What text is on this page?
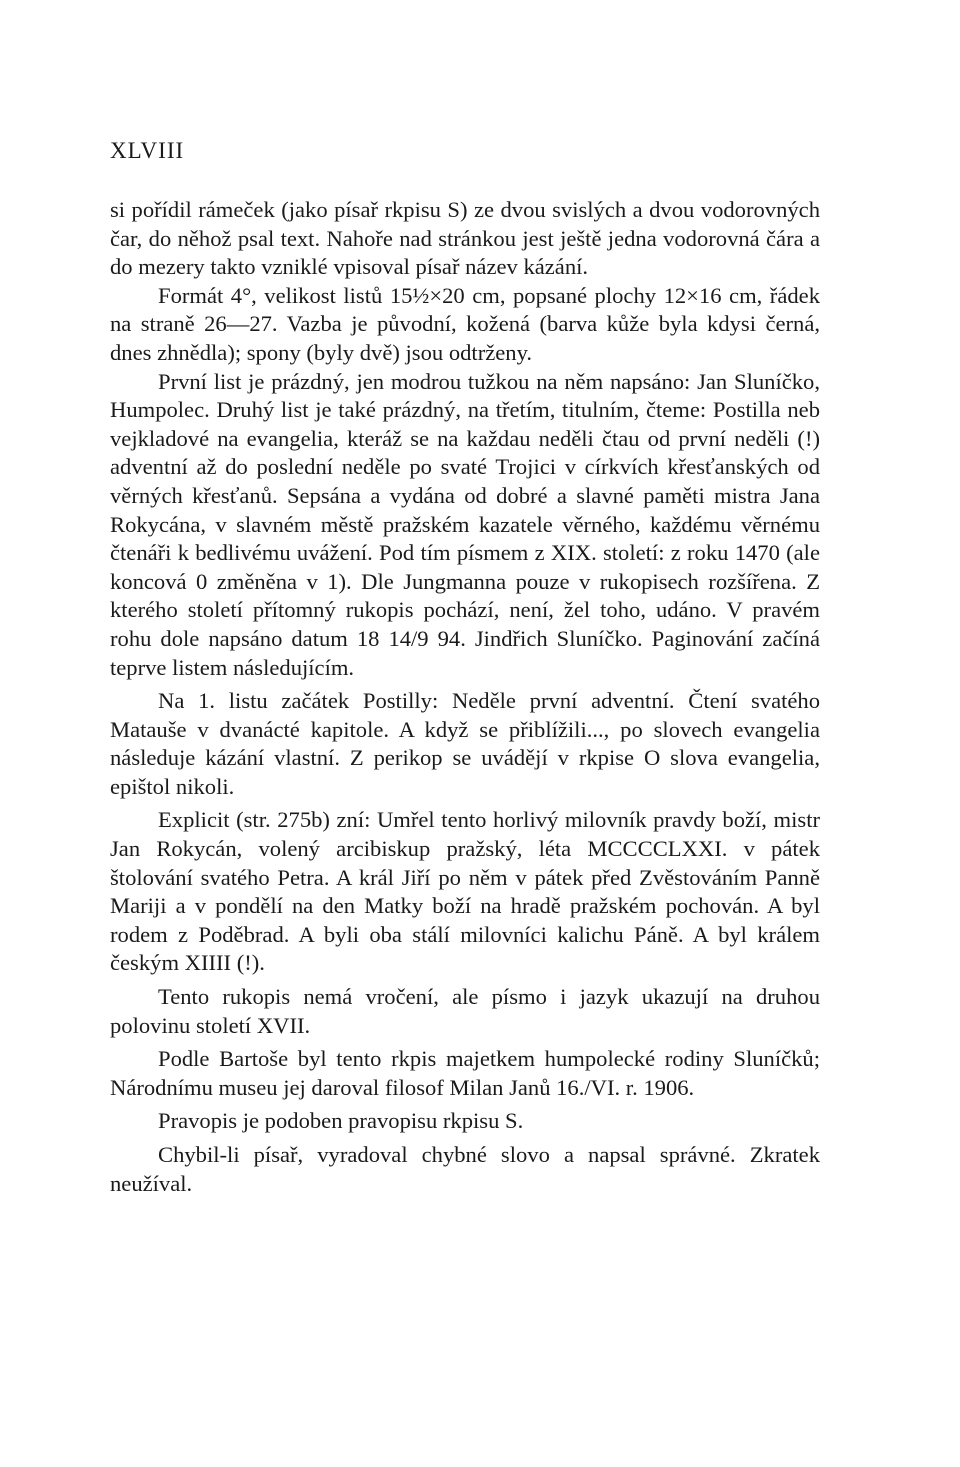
XLVIII

si pořídil rámeček (jako písař rkpisu S) ze dvou svislých a dvou vodorovných čar, do něhož psal text. Nahoře nad stránkou jest ještě jedna vodorovná čára a do mezery takto vzniklé vpisoval písař název kázání.

Formát 4°, velikost listů 15½×20 cm, popsané plochy 12×16 cm, řádek na straně 26—27. Vazba je původní, kožená (barva kůže byla kdysi černá, dnes zhnědla); spony (byly dvě) jsou odtrženy.

První list je prázdný, jen modrou tužkou na něm napsáno: Jan Sluníčko, Humpolec. Druhý list je také prázdný, na třetím, titulním, čteme: Postilla neb vejkladové na evangelia, kteráž se na každau neděli čtau od první neděli (!) adventní až do poslední neděle po svaté Trojici v církvích křesťanských od věrných křesťanů. Sepsána a vydána od dobré a slavné paměti mistra Jana Rokycána, v slavném městě pražském kazatele věrného, každému věrnému čtenáři k bedlivému uvážení. Pod tím písmem z XIX. století: z roku 1470 (ale koncová 0 změněna v 1). Dle Jungmanna pouze v rukopisech rozšířena. Z kterého století přítomný rukopis pochází, není, žel toho, udáno. V pravém rohu dole napsáno datum 18 14/9 94. Jindřich Sluníčko. Paginování začíná teprve listem následujícím.

Na 1. listu začátek Postilly: Neděle první adventní. Čtení svatého Matauše v dvanácté kapitole. A když se přiblížili..., po slovech evangelia následuje kázání vlastní. Z perikop se uvádějí v rkpise O slova evangelia, epištol nikoli.

Explicit (str. 275b) zní: Umřel tento horlivý milovník pravdy boží, mistr Jan Rokycán, volený arcibiskup pražský, léta MCCCCLXXI. v pátek štolování svatého Petra. A král Jiří po něm v pátek před Zvěstováním Panně Mariji a v pondělí na den Matky boží na hradě pražském pochován. A byl rodem z Poděbrad. A byli oba stálí milovníci kalichu Páně. A byl králem českým XIIII (!).

Tento rukopis nemá vročení, ale písmo i jazyk ukazují na druhou polovinu století XVII.

Podle Bartoše byl tento rkpis majetkem humpolecké rodiny Sluníčků; Národnímu museu jej daroval filosof Milan Janů 16./VI. r. 1906.

Pravopis je podoben pravopisu rkpisu S.

Chybil-li písař, vyradoval chybné slovo a napsal správné. Zkratek neužíval.
